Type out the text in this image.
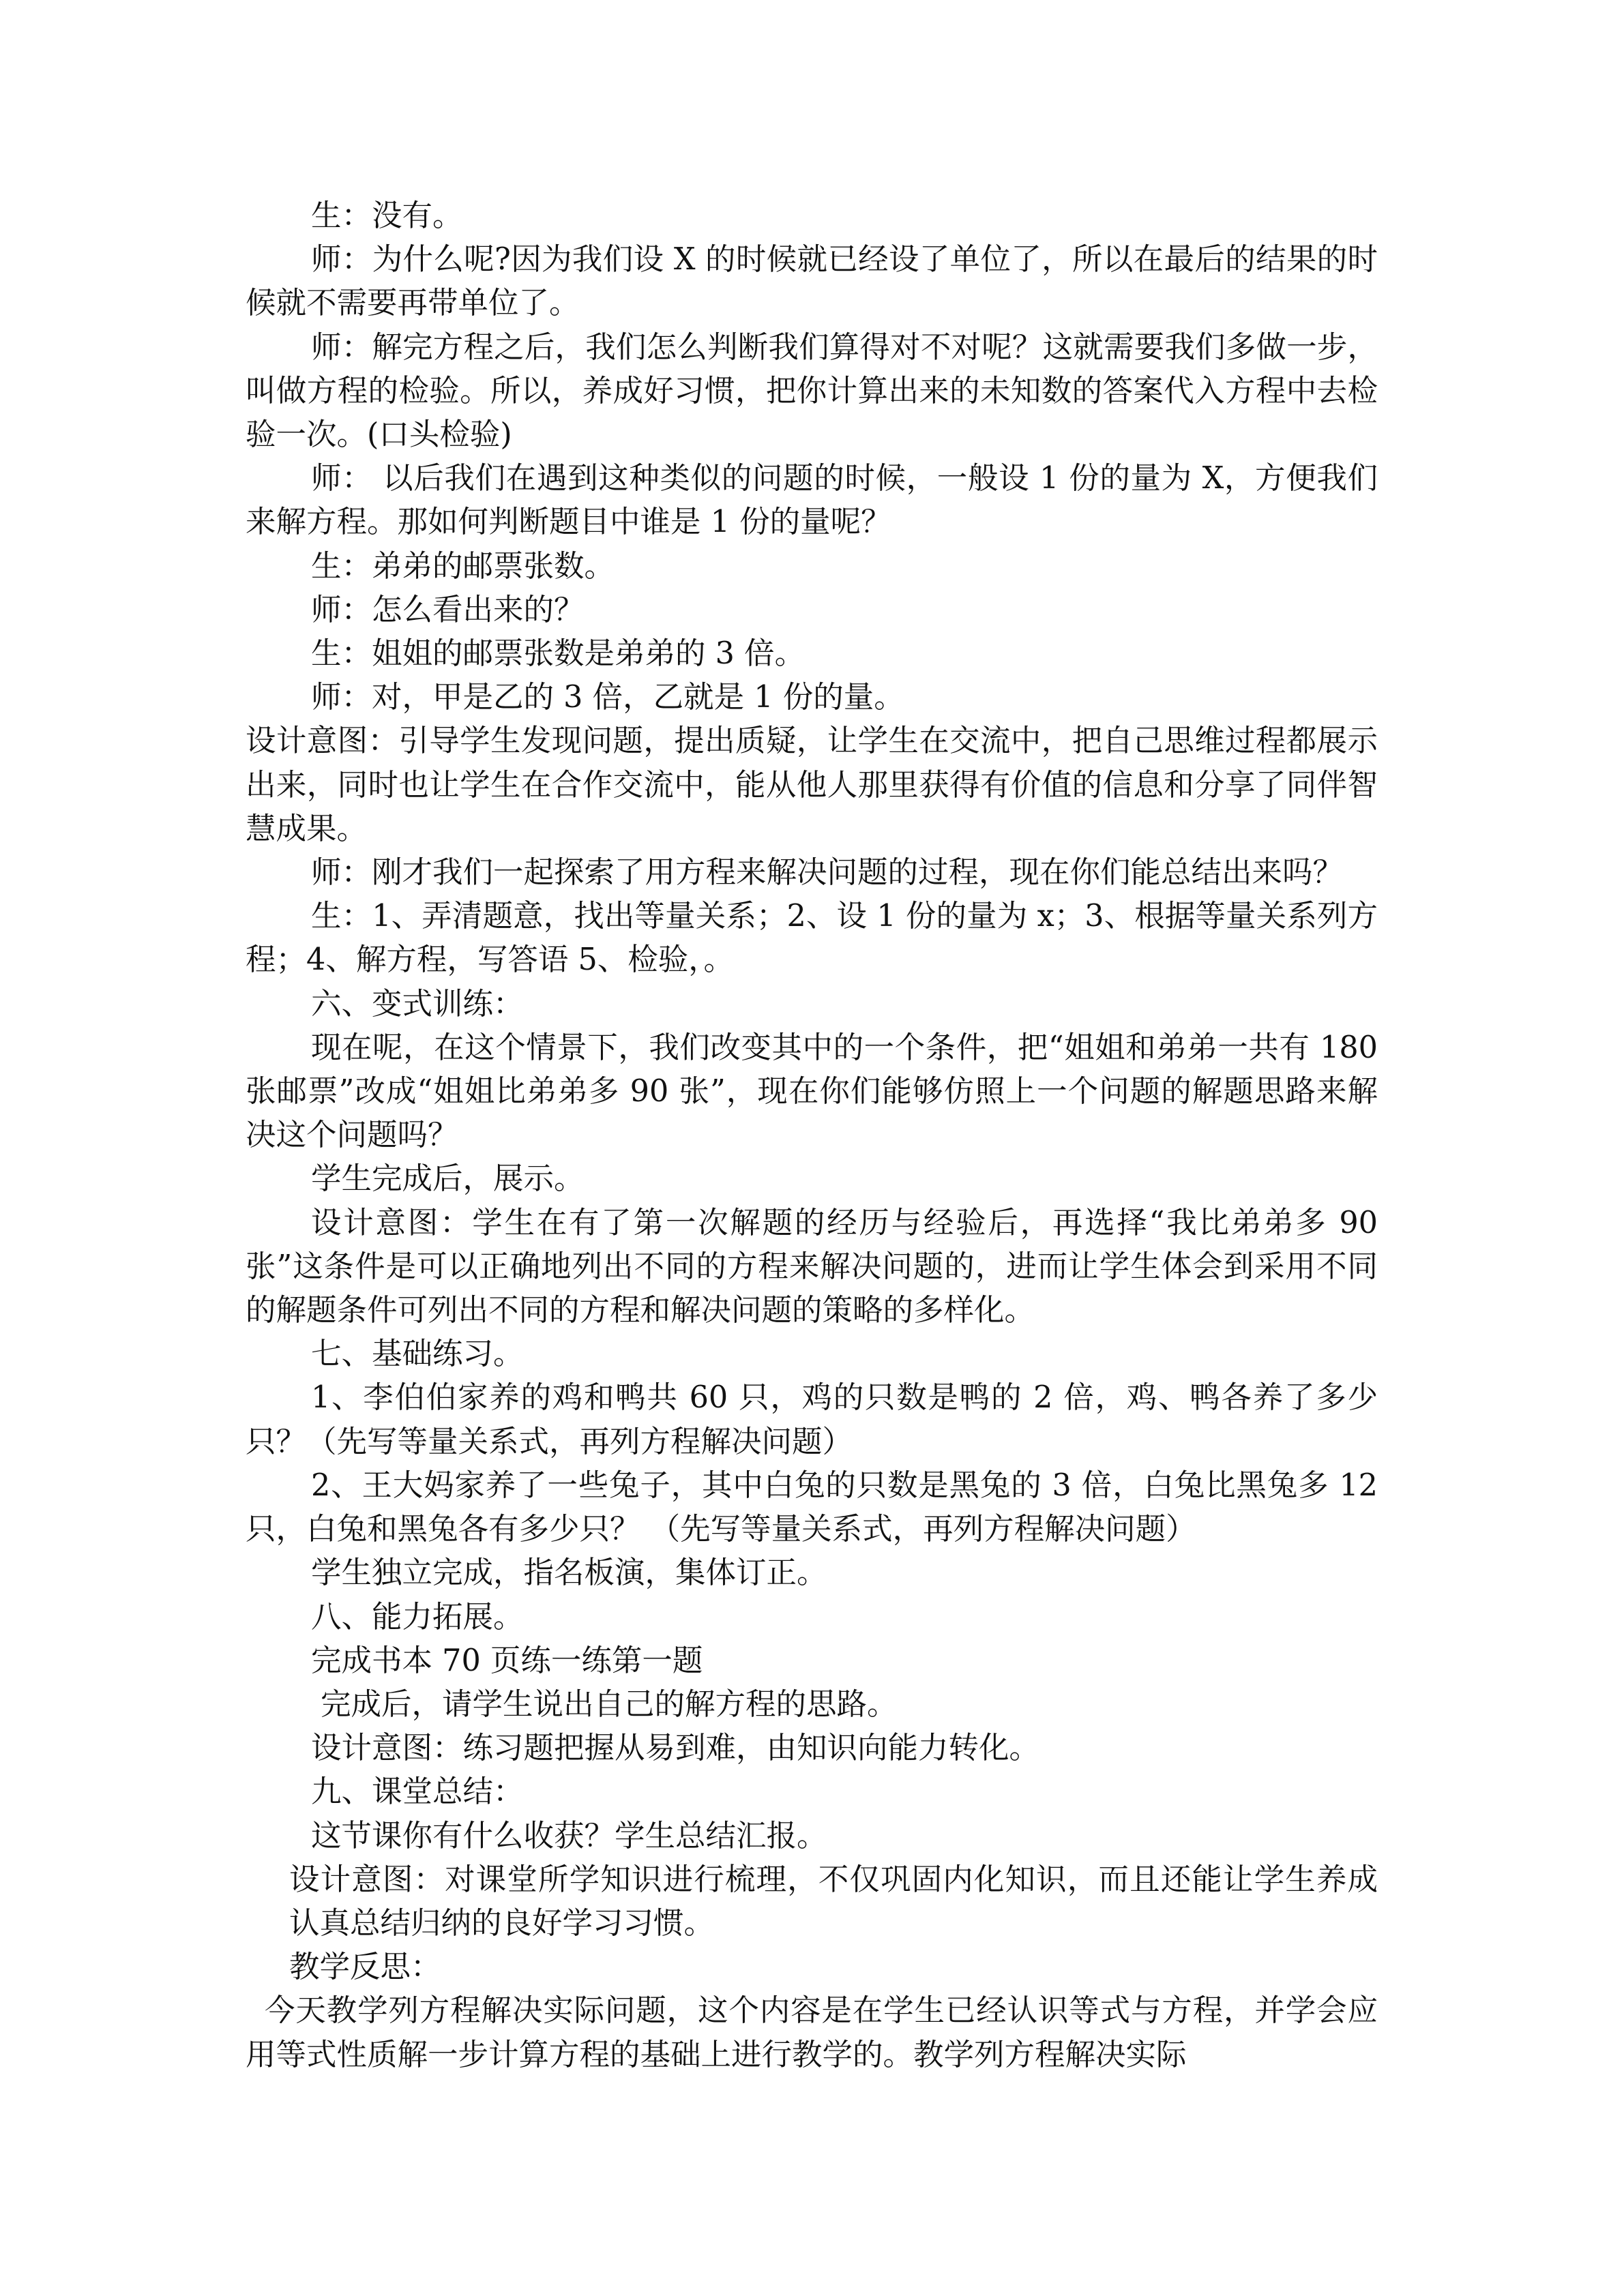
生：没有。

师：为什么呢?因为我们设 X 的时候就已经设了单位了，所以在最后的结果的时候就不需要再带单位了。

师：解完方程之后，我们怎么判断我们算得对不对呢？这就需要我们多做一步，叫做方程的检验。所以，养成好习惯，把你计算出来的未知数的答案代入方程中去检验一次。(口头检验)

师： 以后我们在遇到这种类似的问题的时候，一般设 1 份的量为 X，方便我们来解方程。那如何判断题目中谁是 1 份的量呢？

生：弟弟的邮票张数。

师：怎么看出来的？

生：姐姐的邮票张数是弟弟的 3 倍。

师：对，甲是乙的 3 倍，乙就是 1 份的量。

设计意图：引导学生发现问题，提出质疑，让学生在交流中，把自己思维过程都展示出来，同时也让学生在合作交流中，能从他人那里获得有价值的信息和分享了同伴智慧成果。

师：刚才我们一起探索了用方程来解决问题的过程，现在你们能总结出来吗？

生：1、弄清题意，找出等量关系；2、设 1 份的量为 x；3、根据等量关系列方程；4、解方程，写答语 5、检验，。

六、变式训练：

现在呢，在这个情景下，我们改变其中的一个条件，把“姐姐和弟弟一共有 180 张邮票”改成“姐姐比弟弟多 90 张”，现在你们能够仿照上一个问题的解题思路来解决这个问题吗？

学生完成后，展示。

设计意图：学生在有了第一次解题的经历与经验后，再选择“我比弟弟多 90 张”这条件是可以正确地列出不同的方程来解决问题的，进而让学生体会到采用不同的解题条件可列出不同的方程和解决问题的策略的多样化。

七、基础练习。

1、李伯伯家养的鸡和鸭共 60 只，鸡的只数是鸭的 2 倍，鸡、鸭各养了多少只？（先写等量关系式，再列方程解决问题）

2、王大妈家养了一些兔子，其中白兔的只数是黑兔的 3 倍，白兔比黑兔多 12 只，白兔和黑兔各有多少只？ （先写等量关系式，再列方程解决问题）

学生独立完成，指名板演，集体订正。

八、能力拓展。

完成书本 70 页练一练第一题

完成后，请学生说出自己的解方程的思路。

设计意图：练习题把握从易到难，由知识向能力转化。

九、课堂总结：

这节课你有什么收获？学生总结汇报。

设计意图：对课堂所学知识进行梳理，不仅巩固内化知识，而且还能让学生养成认真总结归纳的良好学习习惯。

教学反思：

今天教学列方程解决实际问题，这个内容是在学生已经认识等式与方程，并学会应用等式性质解一步计算方程的基础上进行教学的。教学列方程解决实际
